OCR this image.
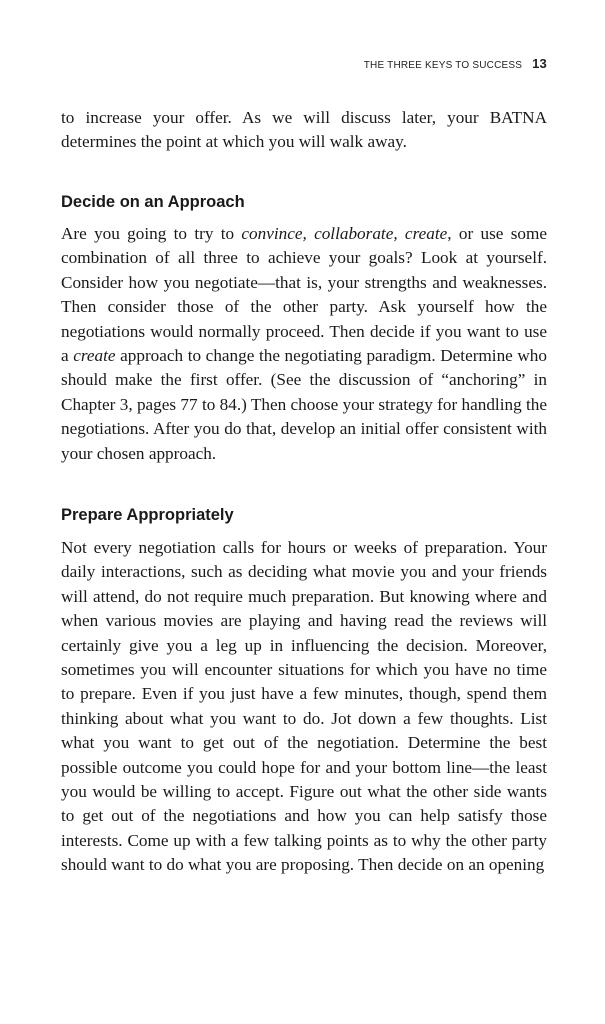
THE THREE KEYS TO SUCCESS 13

to increase your offer. As we will discuss later, your BATNA determines the point at which you will walk away.

Decide on an Approach

Are you going to try to convince, collaborate, create, or use some combination of all three to achieve your goals? Look at yourself. Consider how you negotiate—that is, your strengths and weaknesses. Then consider those of the other party. Ask yourself how the negotiations would normally proceed. Then decide if you want to use a create approach to change the negotiating paradigm. Determine who should make the first offer. (See the discussion of “anchoring” in Chapter 3, pages 77 to 84.) Then choose your strategy for handling the negotiations. After you do that, develop an initial offer consistent with your chosen approach.

Prepare Appropriately

Not every negotiation calls for hours or weeks of preparation. Your daily interactions, such as deciding what movie you and your friends will attend, do not require much preparation. But knowing where and when various movies are playing and having read the reviews will certainly give you a leg up in influencing the decision. Moreover, sometimes you will encounter situations for which you have no time to prepare. Even if you just have a few minutes, though, spend them thinking about what you want to do. Jot down a few thoughts. List what you want to get out of the negotiation. Determine the best possible outcome you could hope for and your bottom line—the least you would be willing to accept. Figure out what the other side wants to get out of the negotiations and how you can help satisfy those interests. Come up with a few talking points as to why the other party should want to do what you are proposing. Then decide on an opening
